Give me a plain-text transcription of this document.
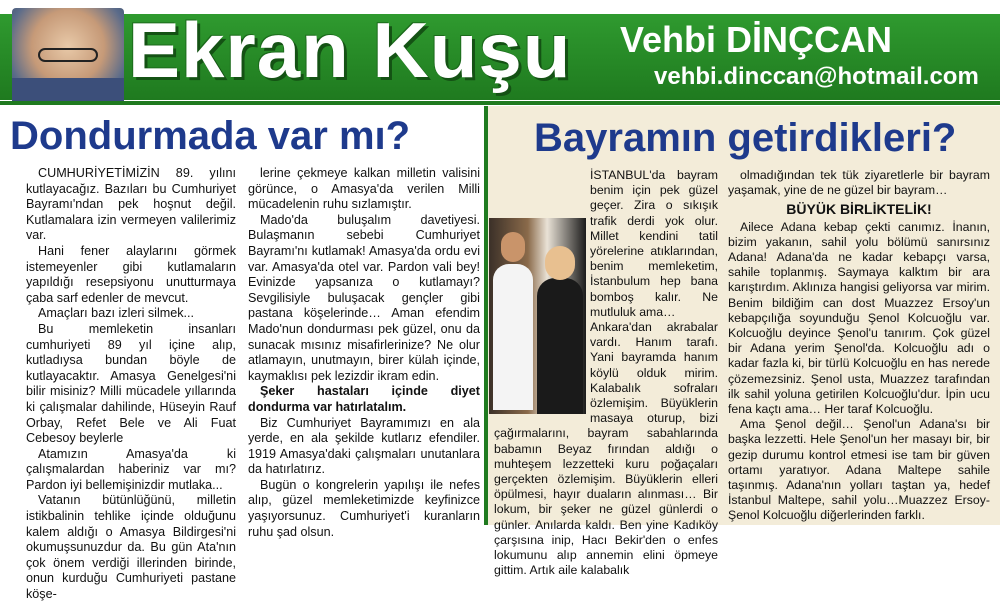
Ekran Kuşu Vehbi DİNÇCAN
vehbi.dinccan@hotmail.com
Dondurmada var mı?

CUMHURİYETİMİZİN 89. yılını kutlayacağız. Bazıları bu Cumhuriyet Bayramı'ndan pek hoşnut değil. Kutlamalara izin vermeyen valilerimiz var.

Hani fener alaylarını görmek istemeyenler gibi kutlamaların yapıldığı resepsiyonu unutturmaya çaba sarf edenler de mevcut.

Amaçları bazı izleri silmek...

Bu memleketin insanları cumhuriyeti 89 yıl içine alıp, kutladıysa bundan böyle de kutlayacaktır. Amasya Genelgesi'ni bilir misiniz? Milli mücadele yıllarında ki çalışmalar dahilinde, Hüseyin Rauf Orbay, Refet Bele ve Ali Fuat Cebesoy beylerle

Atamızın Amasya'da ki çalışmalardan haberiniz var mı? Pardon iyi bellemişinizdir mutlaka...

Vatanın bütünlüğünü, milletin istikbalinin tehlike içinde olduğunu kalem aldığı o Amasya Bildirgesi'ni okumuşsunuzdur da. Bu gün Ata'nın çok önem verdiği illerinden birinde, onun kurduğu Cumhuriyeti pastane köşe-

lerine çekmeye kalkan milletin valisini görünce, o Amasya'da verilen Milli mücadelenin ruhu sızlamıştır.

Mado'da buluşalım davetiyesi. Bulaşmanın sebebi Cumhuriyet Bayramı'nı kutlamak! Amasya'da ordu evi var. Amasya'da otel var. Pardon vali bey! Evinizde yapsanıza o kutlamayı? Sevgilisiyle buluşacak gençler gibi pastana köşelerinde… Aman efendim Mado'nun dondurması pek güzel, onu da sunacak mısınız misafirlerinize? Ne olur atlamayın, unutmayın, birer külah içinde, kaymaklısı pek lezizdir ikram edin.

Şeker hastaları içinde diyet dondurma var hatırlatalım.

Biz Cumhuriyet Bayramımızı en ala yerde, en ala şekilde kutlarız efendiler. 1919 Amasya'daki çalışmaları unutanlara da hatırlatırız.

Bugün o kongrelerin yapılışı ile nefes alıp, güzel memleketimizde keyfinizce yaşıyorsunuz. Cumhuriyet'i kuranların ruhu şad olsun.

Bayramın getirdikleri?

İSTANBUL'da bayram benim için pek güzel geçer. Zira o sıkışık trafik derdi yok olur. Millet kendini tatil yörelerine atıklarından, benim memleketim, İstanbulum hep bana bomboş kalır. Ne mutluluk ama…

Ankara'dan akrabalar vardı. Hanım tarafı. Yani bayramda hanım köylü olduk mirim. Kalabalık sofraları özlemişim. Büyüklerin masaya oturup, bizi çağırmalarını, bayram sabahlarında babamın Beyaz fırından aldığı o muhteşem lezzetteki kuru poğaçaları gerçekten özlemişim. Büyüklerin elleri öpülmesi, hayır duaların alınması… Bir lokum, bir şeker ne güzel günlerdi o günler. Anılarda kaldı. Ben yine Kadıköy çarşısına inip, Hacı Bekir'den o enfes lokumunu alıp annemin elini öpmeye gittim. Artık aile kalabalık

olmadığından tek tük ziyaretlerle bir bayram yaşamak, yine de ne güzel bir bayram…

BÜYÜK BİRLİKTELİK!

Ailece Adana kebap çekti canımız. İnanın, bizim yakanın, sahil yolu bölümü sanırsınız Adana! Adana'da ne kadar kebapçı varsa, sahile toplanmış. Saymaya kalktım bir ara karıştırdım. Aklınıza hangisi geliyorsa var mirim. Benim bildiğim can dost Muazzez Ersoy'un kebapçılığa soyunduğu Şenol Kolcuoğlu var. Kolcuoğlu deyince Şenol'u tanırım. Çok güzel bir Adana yerim Şenol'da. Kolcuoğlu adı o kadar fazla ki, bir türlü Kolcuoğlu en has nerede çözemezsiniz. Şenol usta, Muazzez tarafından ilk sahil yoluna getirilen Kolcuoğlu'dur. İpin ucu fena kaçtı ama… Her taraf Kolcuoğlu.

Ama Şenol değil… Şenol'un Adana'sı bir başka lezzetti. Hele Şenol'un her masayı bir, bir gezip durumu kontrol etmesi ise tam bir güven ortamı yaratıyor. Adana Maltepe sahile taşınmış. Adana'nın yolları taştan ya, hedef İstanbul Maltepe, sahil yolu…Muazzez Ersoy-Şenol Kolcuoğlu diğerlerinden farklı.
